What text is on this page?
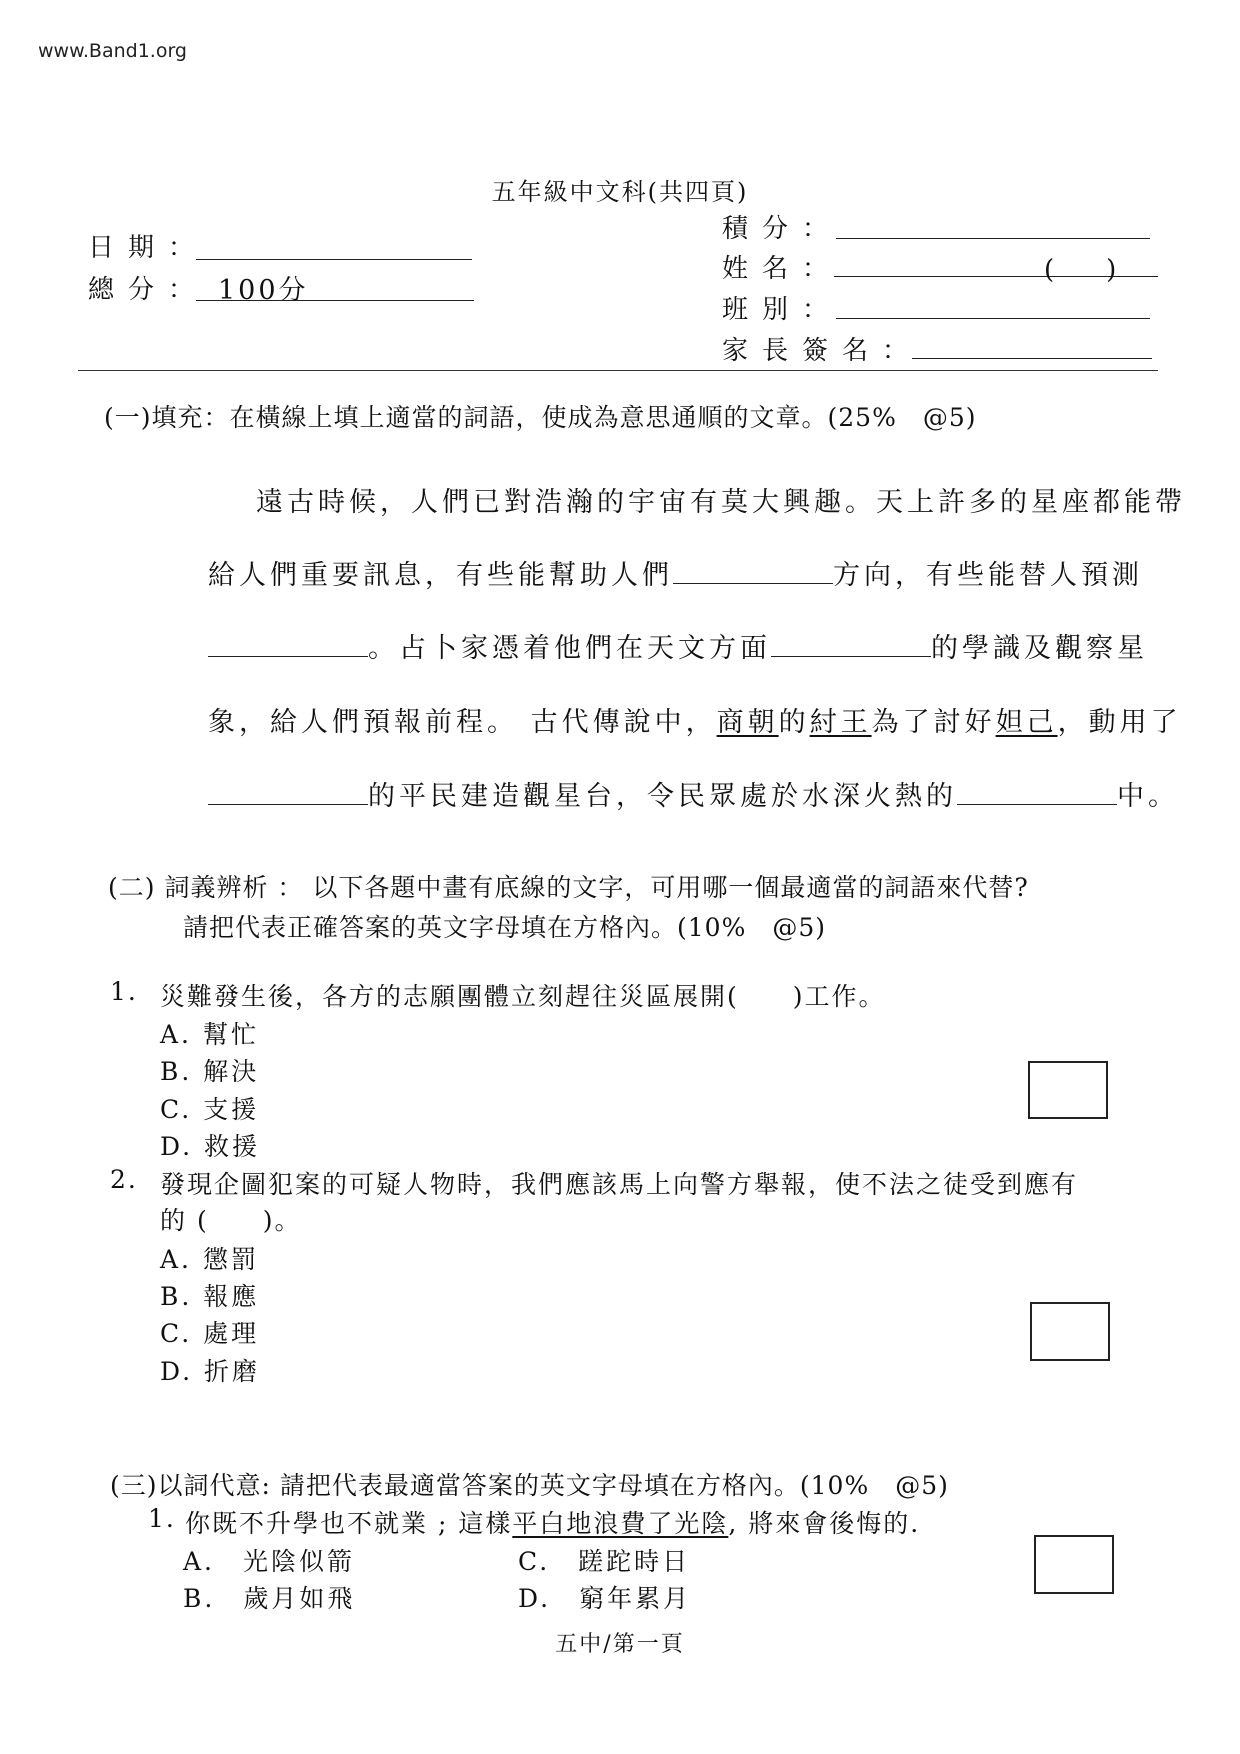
www.Band1.org
五年級中文科(共四頁)
日期：
總分： 100分
積分：
姓名：	(　　)
班別：
家長簽名：
(一)填充：在橫線上填上適當的詞語，使成為意思通順的文章。(25%　@5)
遠古時候，人們已對浩瀚的宇宙有莫大興趣。天上許多的星座都能帶
給人們重要訊息，有些能幫助人們	方向，有些能替人預測
。占卜家憑着他們在天文方面	的學識及觀察星
象，給人們預報前程。 古代傳說中，商朝的紂王為了討好妲己，動用了
的平民建造觀星台，令民眾處於水深火熱的	中。
(二) 詞義辨析 ： 以下各題中畫有底線的文字，可用哪一個最適當的詞語來代替?
請把代表正確答案的英文字母填在方格內。(10%　@5)
1. 災難發生後，各方的志願團體立刻趕往災區展開(　　)工作。
A. 幫忙
B. 解決
C. 支援
D. 救援
2. 發現企圖犯案的可疑人物時，我們應該馬上向警方舉報，使不法之徒受到應有
的 (　　)。
A. 懲罰
B. 報應
C. 處理
D. 折磨
(三)以詞代意: 請把代表最適當答案的英文字母填在方格內。(10%　@5)
1. 你既不升學也不就業 ; 這樣平白地浪費了光陰, 將來會後悔的.
A.　光陰似箭
B.　歲月如飛
C.　蹉跎時日
D.　窮年累月
五中/第一頁
